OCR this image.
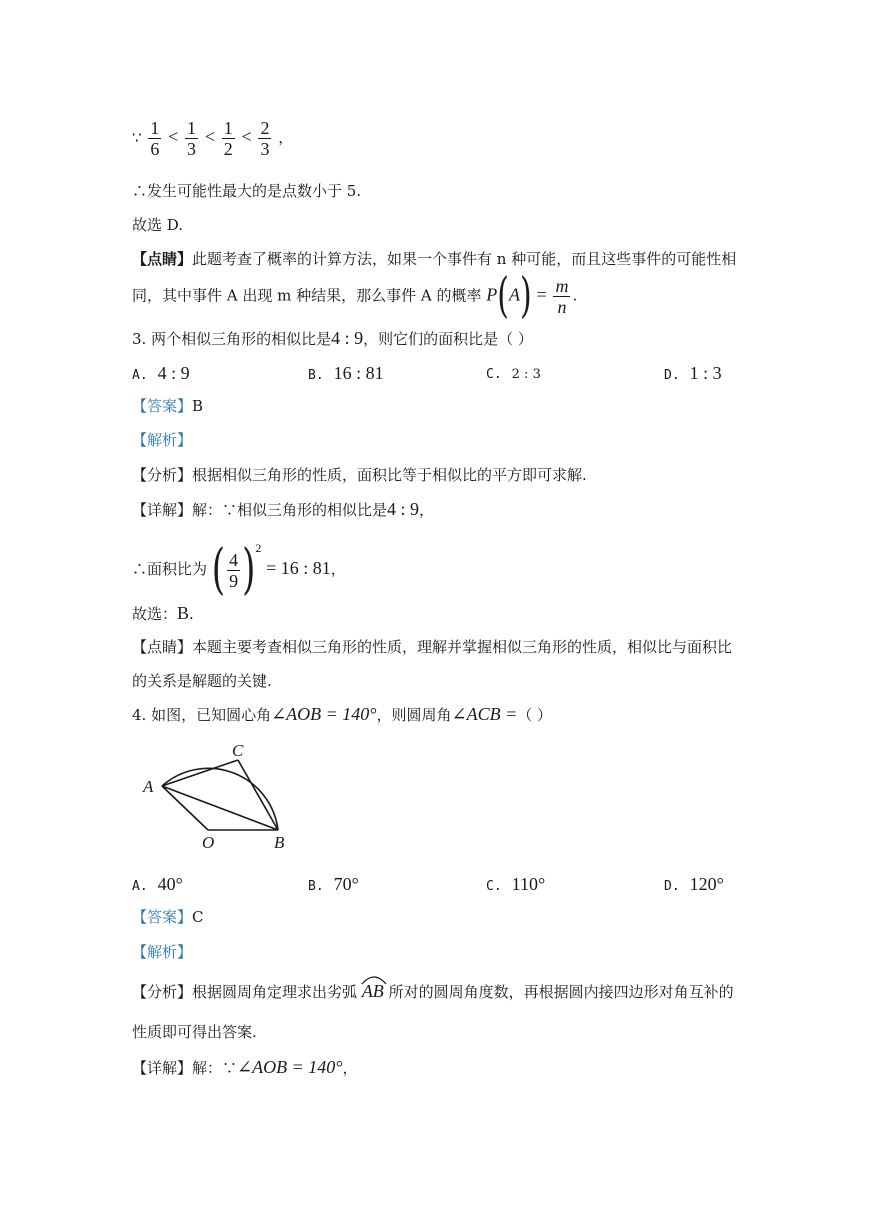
∵ $\frac{1}{6} < \frac{1}{3} < \frac{1}{2} < \frac{2}{3}$ ，
∴发生可能性最大的是点数小于 5.
故选 D.
【点睛】此题考查了概率的计算方法，如果一个事件有 n 种可能，而且这些事件的可能性相
同，其中事件 A 出现 m 种结果，那么事件 A 的概率 $P(A) = \frac{m}{n}$ .
3. 两个相似三角形的相似比是4 : 9，则它们的面积比是（ ）
A. 4 : 9	B. 16 : 81	C. 2 : 3	D. 1 : 3
【答案】B
【解析】
【分析】根据相似三角形的性质，面积比等于相似比的平方即可求解.
【详解】解：∵相似三角形的相似比是4 : 9，
∴面积比为 ( $\frac{4}{9} )^2 = 16$ : 81，
故选：B.
【点睛】本题主要考查相似三角形的性质，理解并掌握相似三角形的性质，相似比与面积比
的关系是解题的关键.
4. 如图，已知圆心角∠AOB = 140°，则圆周角∠ACB =（ ）
A
C
O	B
A. 40°	B. 70°	C. 110°	D. 120°
【答案】C
【解析】
【分析】根据圆周角定理求出劣弧 AB 所对的圆周角度数，再根据圆内接四边形对角互补的
性质即可得出答案.
【详解】解：∵∠AOB = 140°，
